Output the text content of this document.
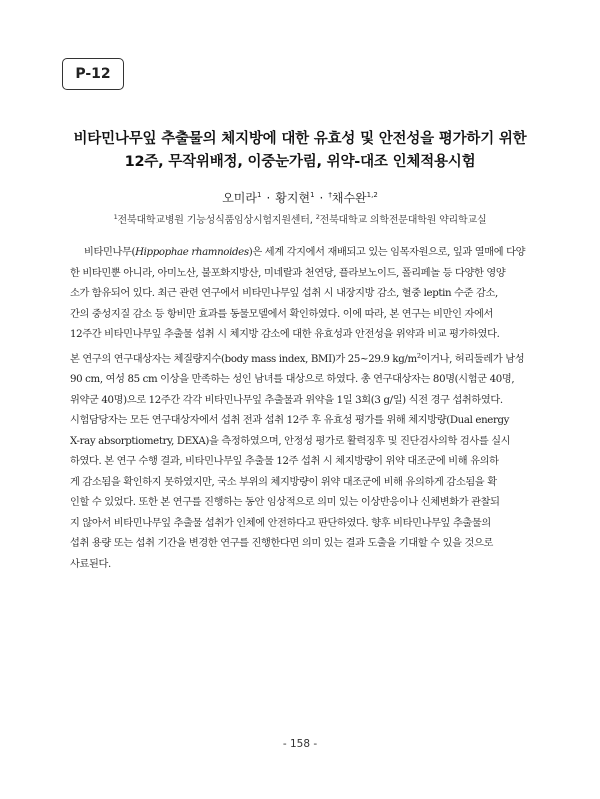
P-12
비타민나무잎 추출물의 체지방에 대한 유효성 및 안전성을 평가하기 위한
12주, 무작위배정, 이중눈가림, 위약-대조 인체적용시험
오미라$^1$ · 황지현$^1$ · †채수완$^{1,2}$
$^1$전북대학교병원 기능성식품임상시험지원센터, $^2$전북대학교 의학전문대학원 약리학교실
비타민나무(Hippophae rhamnoides)은 세계 각지에서 재배되고 있는 임목자원으로, 잎과 열매에 다양
한 비타민뿐 아니라, 아미노산, 불포화지방산, 미네랄과 천연당, 플라보노이드, 폴리페놀 등 다양한 영양
소가 함유되어 있다. 최근 관련 연구에서 비타민나무잎 섭취 시 내장지방 감소, 혈중 leptin 수준 감소,
간의 중성지질 감소 등 항비만 효과를 동물모델에서 확인하였다. 이에 따라, 본 연구는 비만인 자에서
12주간 비타민나무잎 추출물 섭취 시 체지방 감소에 대한 유효성과 안전성을 위약과 비교 평가하였다.
본 연구의 연구대상자는 체질량지수(body mass index, BMI)가 25~29.9 $kg/m^2$이거나, 허리둘레가 남성
90 cm, 여성 85 cm 이상을 만족하는 성인 남녀를 대상으로 하였다. 총 연구대상자는 80명(시험군 40명,
위약군 40명)으로 12주간 각각 비타민나무잎 추출물과 위약을 1일 3회(3 g/일) 식전 경구 섭취하였다.
시험담당자는 모든 연구대상자에서 섭취 전과 섭취 12주 후 유효성 평가를 위해 체지방량(Dual energy
X-ray absorptiometry, DEXA)을 측정하였으며, 안정성 평가로 활력징후 및 진단검사의학 검사를 실시
하였다. 본 연구 수행 결과, 비타민나무잎 추출물 12주 섭취 시 체지방량이 위약 대조군에 비해 유의하
게 감소됨을 확인하지 못하였지만, 국소 부위의 체지방량이 위약 대조군에 비해 유의하게 감소됨을 확
인할 수 있었다. 또한 본 연구를 진행하는 동안 임상적으로 의미 있는 이상반응이나 신체변화가 관찰되
지 않아서 비타민나무잎 추출물 섭취가 인체에 안전하다고 판단하였다. 향후 비타민나무잎 추출물의
섭취 용량 또는 섭취 기간을 변경한 연구를 진행한다면 의미 있는 결과 도출을 기대할 수 있을 것으로
사료된다.
- 158 -
